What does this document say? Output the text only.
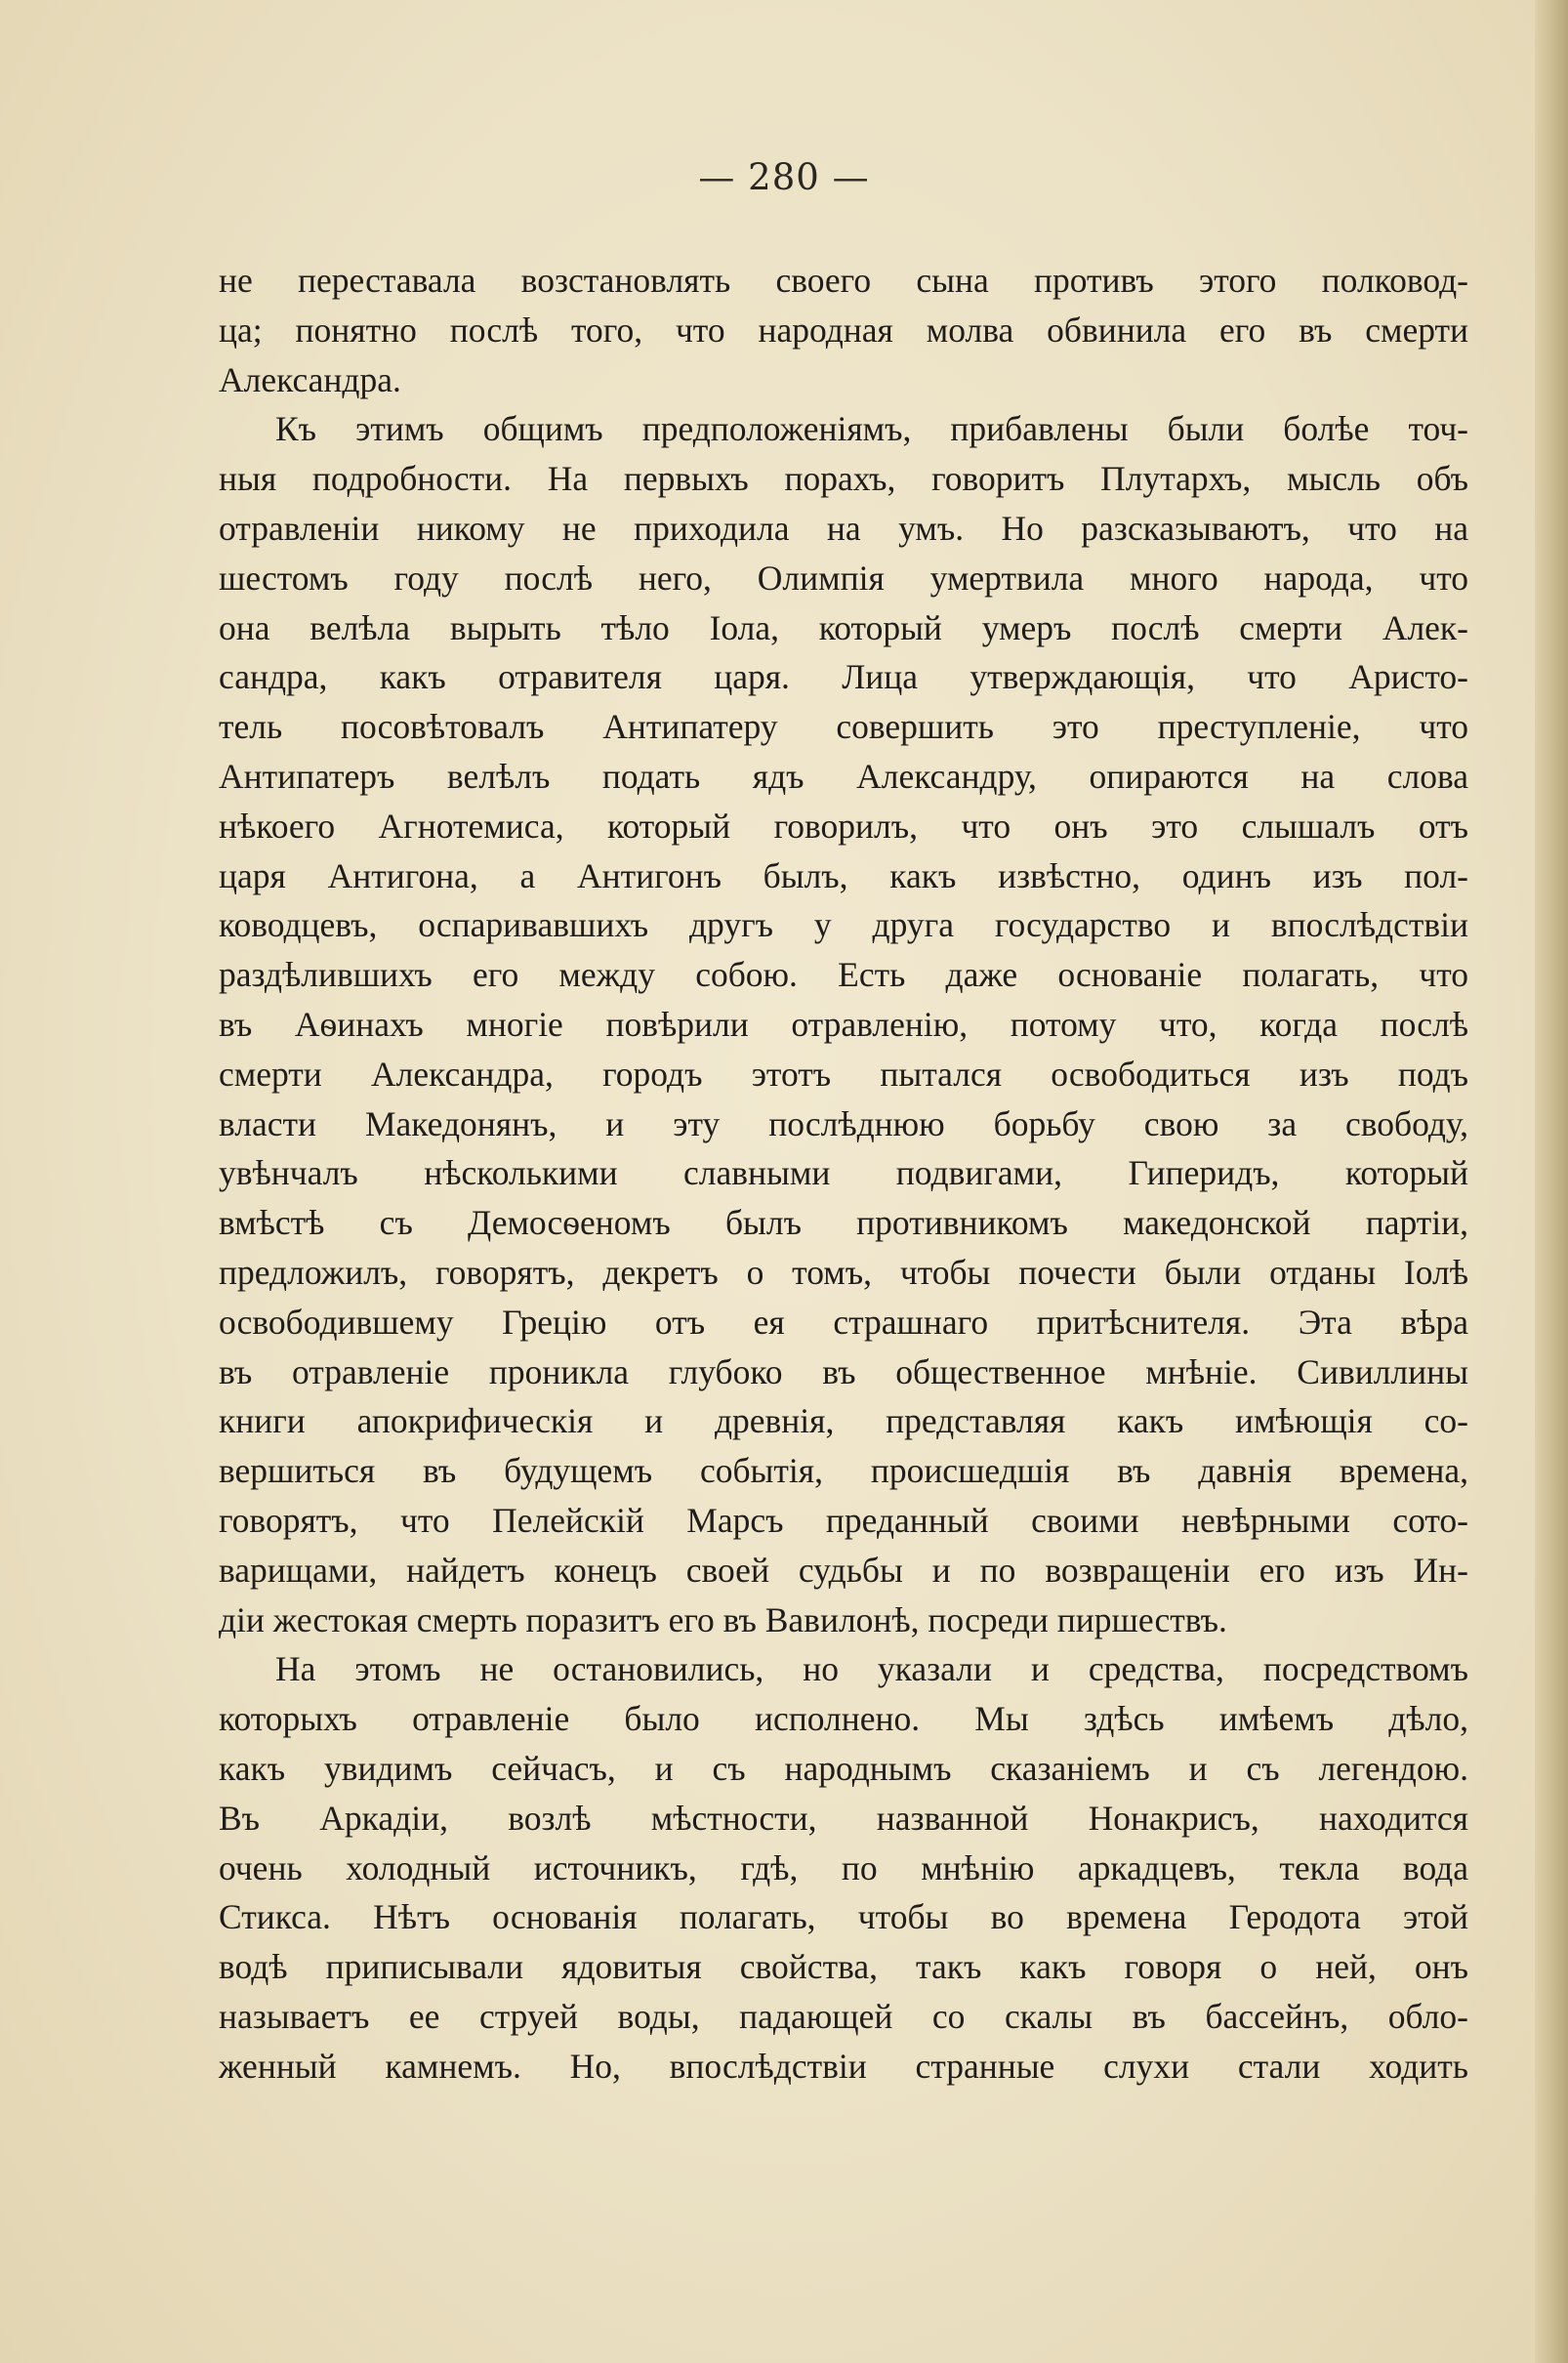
— 280 —
не переставала возстановлять своего сына противъ этого полковод-
ца; понятно послѣ того, что народная молва обвинила его въ смерти
Александра.
Къ этимъ общимъ предположеніямъ, прибавлены были болѣе точ-
ныя подробности. На первыхъ порахъ, говоритъ Плутархъ, мысль объ
отравленіи никому не приходила на умъ. Но разсказываютъ, что на
шестомъ году послѣ него, Олимпія умертвила много народа, что
она велѣла вырыть тѣло Іола, который умеръ послѣ смерти Алек-
сандра, какъ отравителя царя. Лица утверждающія, что Аристо-
тель посовѣтовалъ Антипатеру совершить это преступленіе, что
Антипатеръ велѣлъ подать ядъ Александру, опираются на слова
нѣкоего Агнотемиса, который говорилъ, что онъ это слышалъ отъ
царя Антигона, а Антигонъ былъ, какъ извѣстно, одинъ изъ пол-
ководцевъ, оспаривавшихъ другъ у друга государство и впослѣдствіи
раздѣлившихъ его между собою. Есть даже основаніе полагать, что
въ Аѳинахъ многіе повѣрили отравленію, потому что, когда послѣ
смерти Александра, городъ этотъ пытался освободиться изъ подъ
власти Македонянъ, и эту послѣднюю борьбу свою за свободу,
увѣнчалъ нѣсколькими славными подвигами, Гиперидъ, который
вмѣстѣ съ Демосѳеномъ былъ противникомъ македонской партіи,
предложилъ, говорятъ, декретъ о томъ, чтобы почести были отданы Іолѣ
освободившему Грецію отъ ея страшнаго притѣснителя. Эта вѣра
въ отравленіе проникла глубоко въ общественное мнѣніе. Сивиллины
книги апокрифическія и древнія, представляя какъ имѣющія со-
вершиться въ будущемъ событія, происшедшія въ давнія времена,
говорятъ, что Пелейскій Марсъ преданный своими невѣрными сото-
варищами, найдетъ конецъ своей судьбы и по возвращеніи его изъ Ин-
діи жестокая смерть поразитъ его въ Вавилонѣ, посреди пиршествъ.
На этомъ не остановились, но указали и средства, посредствомъ
которыхъ отравленіе было исполнено. Мы здѣсь имѣемъ дѣло,
какъ увидимъ сейчасъ, и съ народнымъ сказаніемъ и съ легендою.
Въ Аркадіи, возлѣ мѣстности, названной Нонакрисъ, находится
очень холодный источникъ, гдѣ, по мнѣнію аркадцевъ, текла вода
Стикса. Нѣтъ основанія полагать, чтобы во времена Геродота этой
водѣ приписывали ядовитыя свойства, такъ какъ говоря о ней, онъ
называетъ ее струей воды, падающей со скалы въ бассейнъ, обло-
женный камнемъ. Но, впослѣдствіи странные слухи стали ходить
